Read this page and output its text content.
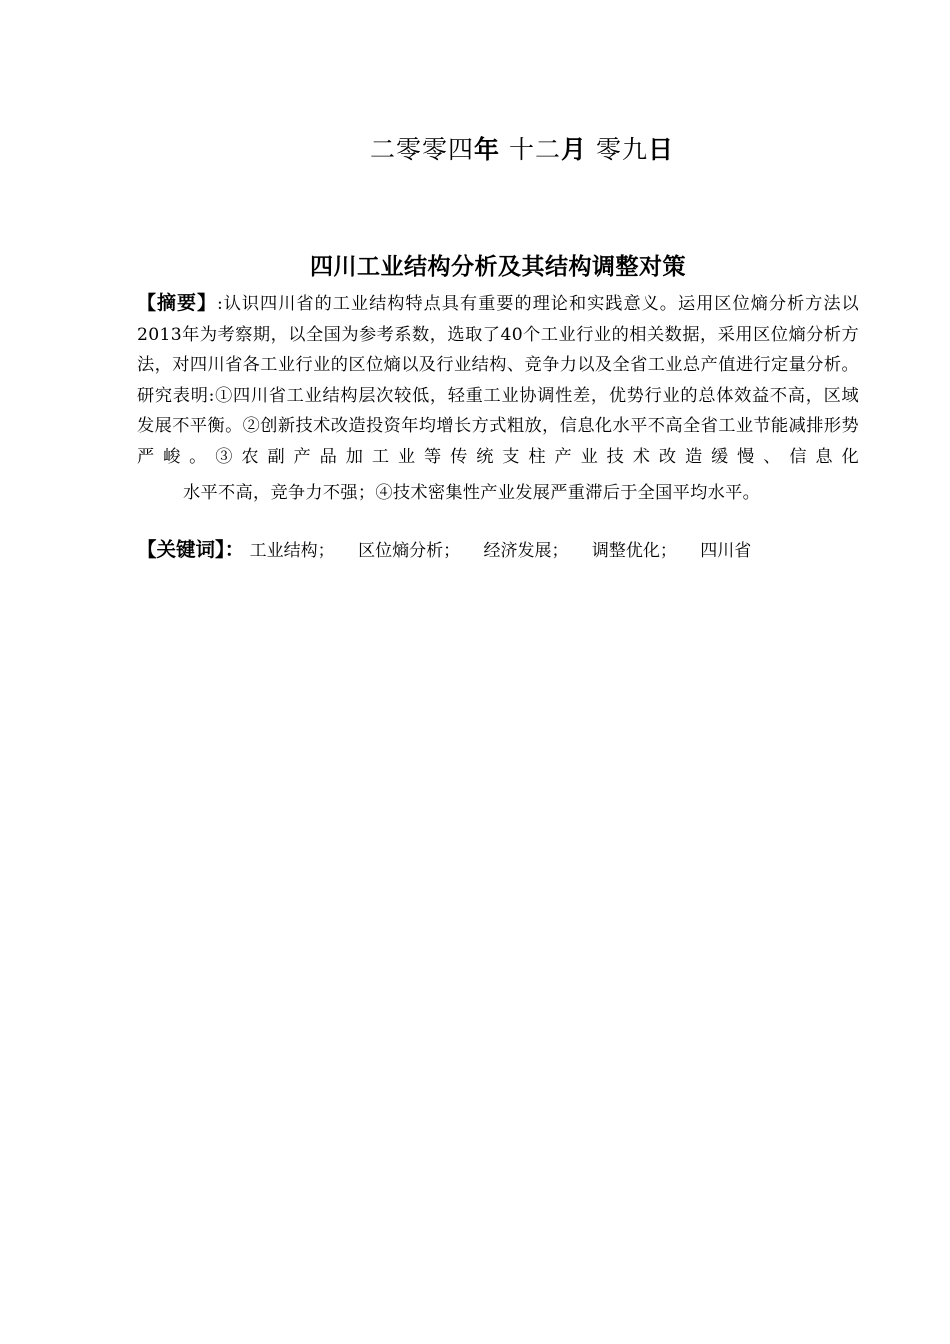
二零零四年 十二月 零九日
四川工业结构分析及其结构调整对策
【摘要】:认识四川省的工业结构特点具有重要的理论和实践意义。运用区位熵分析方法以2013年为考察期，以全国为参考系数，选取了40个工业行业的相关数据，采用区位熵分析方法，对四川省各工业行业的区位熵以及行业结构、竞争力以及全省工业总产值进行定量分析。研究表明:①四川省工业结构层次较低，轻重工业协调性差，优势行业的总体效益不高，区域发展不平衡。②创新技术改造投资年均增长方式粗放，信息化水平不高全省工业节能减排形势严峻。③农副产品加工业等传统支柱产业技术改造缓慢、信息化
水平不高，竞争力不强；④技术密集性产业发展严重滞后于全国平均水平。
【关键词】： 工业结构； 区位熵分析； 经济发展； 调整优化； 四川省
